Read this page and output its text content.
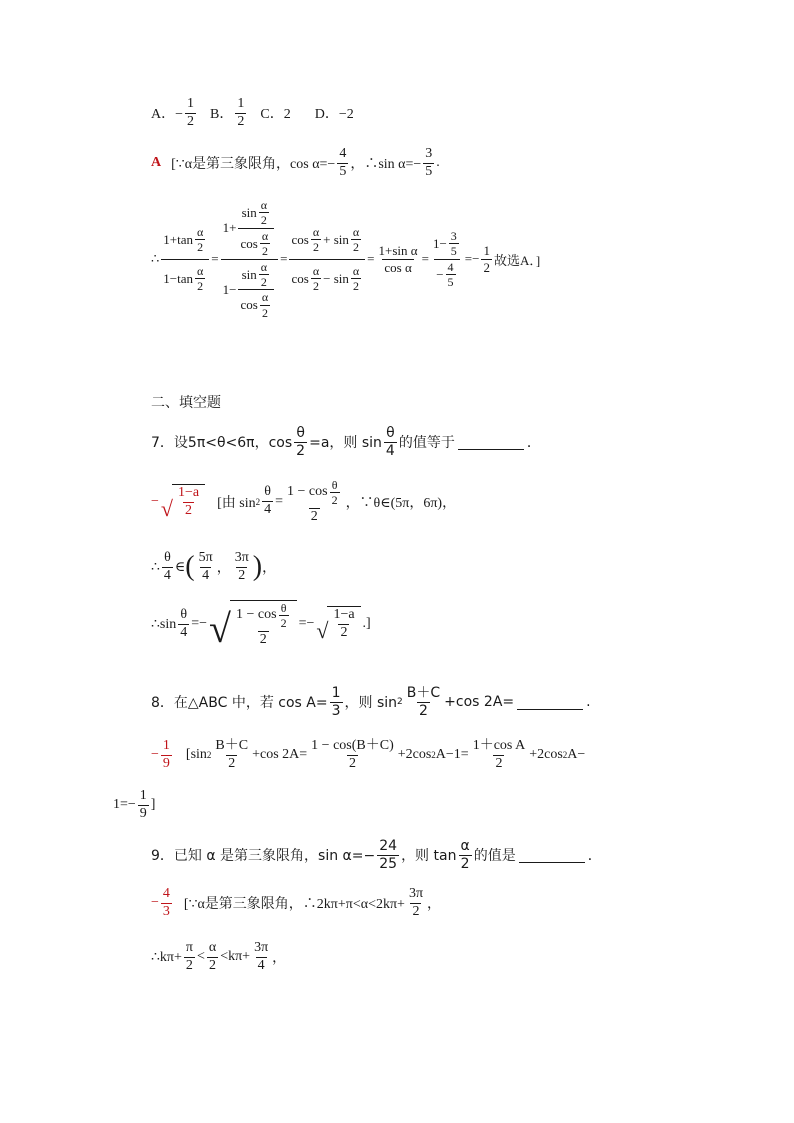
A．− $\frac{1}{2}$ B． $\frac{1}{2}$ C．2 D．−2
A [∵α是第三象限角，$\cos \alpha=- \frac{4}{5}$ ，∴sin $\alpha=- \frac{3}{5}$ .
∴ $\frac{1+\tan \frac{\alpha}{2}}{1-\tan \frac{\alpha}{2}} = \frac{1+ \frac{\sin \frac{\alpha}{2}}{\cos \frac{\alpha}{2}}}{1- \frac{\sin \frac{\alpha}{2}}{\cos \frac{\alpha}{2}}} = \frac{\cos \frac{\alpha}{2} + \sin \frac{\alpha}{2}}{\cos \frac{\alpha}{2} - \sin \frac{\alpha}{2}} = \frac{\text{1+sin α}}{\text{cos α}} = \frac{1- \frac{3}{5}}{- \frac{4}{5}} =- \frac{1}{2}$ 故选A．]
二、填空题
7．设5π<θ<6π，$\cos \frac{\theta}{2} =a$，则 $\sin \frac{\theta}{4}$ 的值等于	．
− √ $\frac{1-a}{2}$ [由 $\sin 2 \frac{\theta}{4} = \frac{1 - \cos \frac{\theta}{2}}{2}$ ，∵θ∈(5π，6π)，
∴ $\frac{\theta}{4}$ ∈ ( $\frac{5\pi}{4}$ ， $\frac{3\pi}{2}$ ) ，
∴sin $\frac{\theta}{4}$ =− √ $\frac{1 - \cos \frac{\theta}{2}}{2}$ =− √ $\frac{1-a}{2}$ .]
8．在△ABC 中，若 $\cos A= \frac{1}{3}$ ，则 $\sin 2 \frac{B+C}{2} +\cos$ 2A=	.
− $\frac{1}{9} [\sin$ $2 \frac{B+C}{2} +\cos$ $2A= \frac{1 - \cos(B+C)}{2} +2\cos$ 2 $A-1= \frac{\text{1＋cos A}}{2} +2\cos$ 2 A−
$1=- \frac{1}{9}$ ]
9．已知 α 是第三象限角，$\sin \alpha=- \frac{24}{25}$ ，则 $\tan \frac{\alpha}{2}$ 的值是	．
− $\frac{4}{3}$ [∵α是第三象限角，∴2kπ+π<α<2kπ+ $\frac{3\pi}{2}$ ，
∴kπ+ $\frac{\pi}{2} < \frac{\alpha}{2} <k\pi+ \frac{3\pi}{4}$ ，
